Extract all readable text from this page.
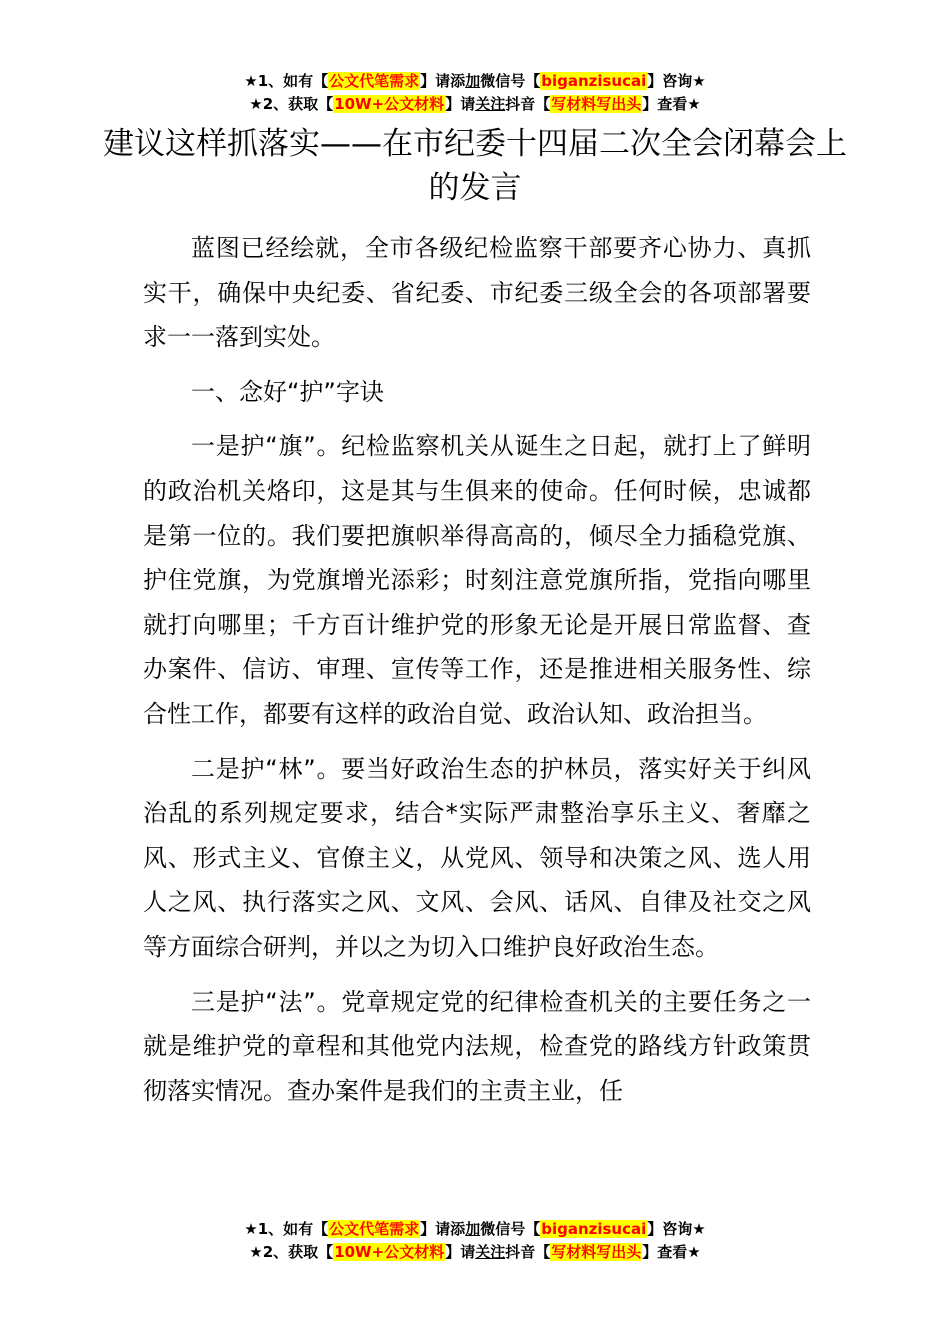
★1、如有【公文代笔需求】请添加微信号【biganzisucai】咨询★
★2、获取【10W+公文材料】请关注抖音【写材料写出头】查看★
建议这样抓落实——在市纪委十四届二次全会闭幕会上的发言

蓝图已经绘就，全市各级纪检监察干部要齐心协力、真抓实干，确保中央纪委、省纪委、市纪委三级全会的各项部署要求一一落到实处。

一、念好“护”字诀

一是护“旗”。纪检监察机关从诞生之日起，就打上了鲜明的政治机关烙印，这是其与生俱来的使命。任何时候，忠诚都是第一位的。我们要把旗帜举得高高的，倾尽全力插稳党旗、护住党旗，为党旗增光添彩；时刻注意党旗所指，党指向哪里就打向哪里；千方百计维护党的形象无论是开展日常监督、查办案件、信访、审理、宣传等工作，还是推进相关服务性、综合性工作，都要有这样的政治自觉、政治认知、政治担当。

二是护“林”。要当好政治生态的护林员，落实好关于纠风治乱的系列规定要求，结合*实际严肃整治享乐主义、奢靡之风、形式主义、官僚主义，从党风、领导和决策之风、选人用人之风、执行落实之风、文风、会风、话风、自律及社交之风等方面综合研判，并以之为切入口维护良好政治生态。

三是护“法”。党章规定党的纪律检查机关的主要任务之一就是维护党的章程和其他党内法规，检查党的路线方针政策贯彻落实情况。查办案件是我们的主责主业，任

★1、如有【公文代笔需求】请添加微信号【biganzisucai】咨询★
★2、获取【10W+公文材料】请关注抖音【写材料写出头】查看★
